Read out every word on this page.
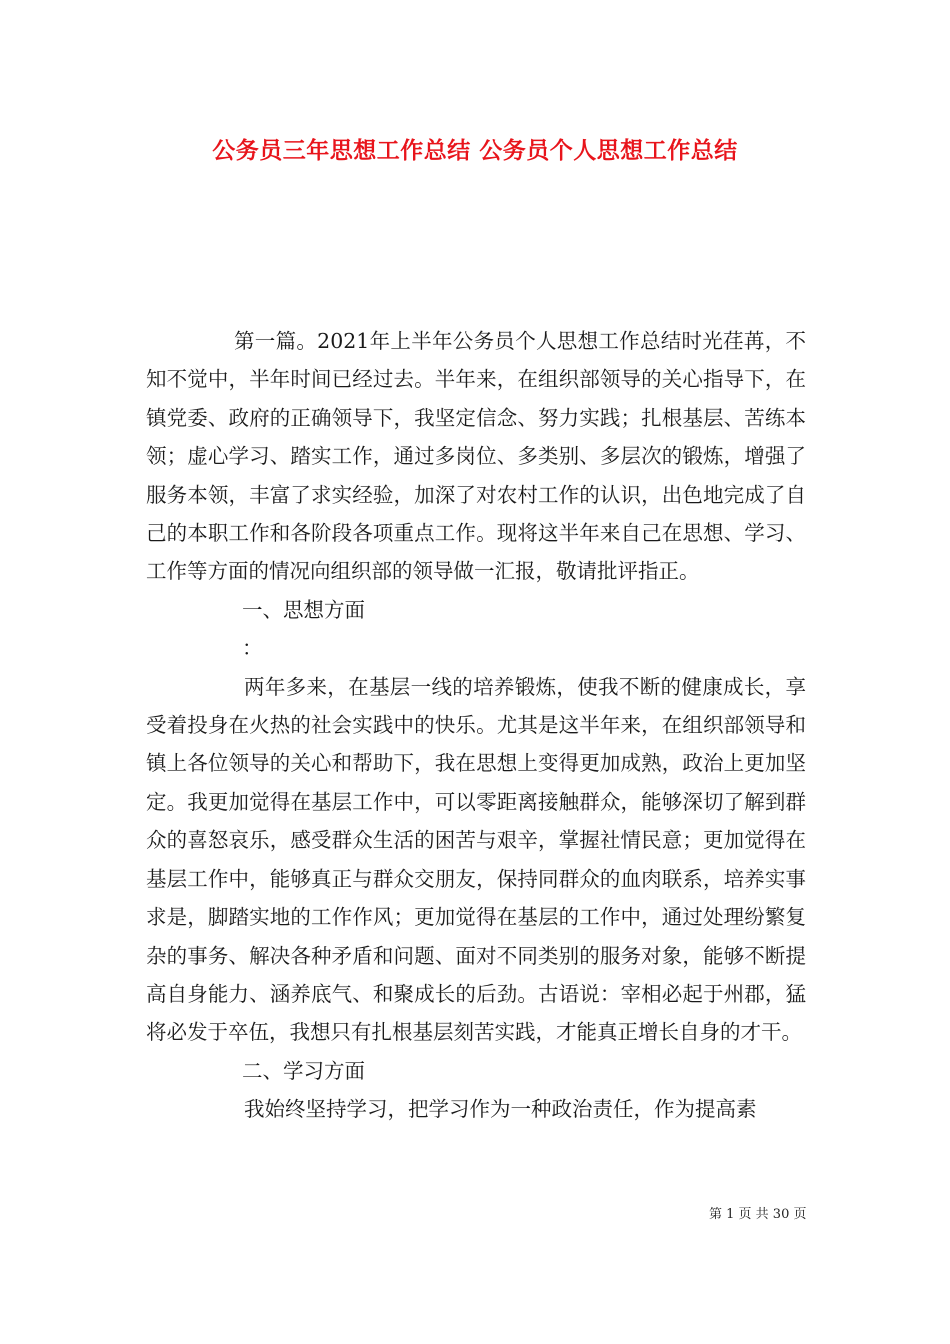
公务员三年思想工作总结 公务员个人思想工作总结

第一篇。2021年上半年公务员个人思想工作总结时光荏苒，不知不觉中，半年时间已经过去。半年来，在组织部领导的关心指导下，在镇党委、政府的正确领导下，我坚定信念、努力实践；扎根基层、苦练本领；虚心学习、踏实工作，通过多岗位、多类别、多层次的锻炼，增强了服务本领，丰富了求实经验，加深了对农村工作的认识，出色地完成了自己的本职工作和各阶段各项重点工作。现将这半年来自己在思想、学习、工作等方面的情况向组织部的领导做一汇报，敬请批评指正。

一、思想方面

：

两年多来，在基层一线的培养锻炼，使我不断的健康成长，享受着投身在火热的社会实践中的快乐。尤其是这半年来，在组织部领导和镇上各位领导的关心和帮助下，我在思想上变得更加成熟，政治上更加坚定。我更加觉得在基层工作中，可以零距离接触群众，能够深切了解到群众的喜怒哀乐，感受群众生活的困苦与艰辛，掌握社情民意；更加觉得在基层工作中，能够真正与群众交朋友，保持同群众的血肉联系，培养实事求是，脚踏实地的工作作风；更加觉得在基层的工作中，通过处理纷繁复杂的事务、解决各种矛盾和问题、面对不同类别的服务对象，能够不断提高自身能力、涵养底气、和聚成长的后劲。古语说：宰相必起于州郡，猛将必发于卒伍，我想只有扎根基层刻苦实践，才能真正增长自身的才干。

二、学习方面

我始终坚持学习，把学习作为一种政治责任，作为提高素

第 1 页 共 30 页
